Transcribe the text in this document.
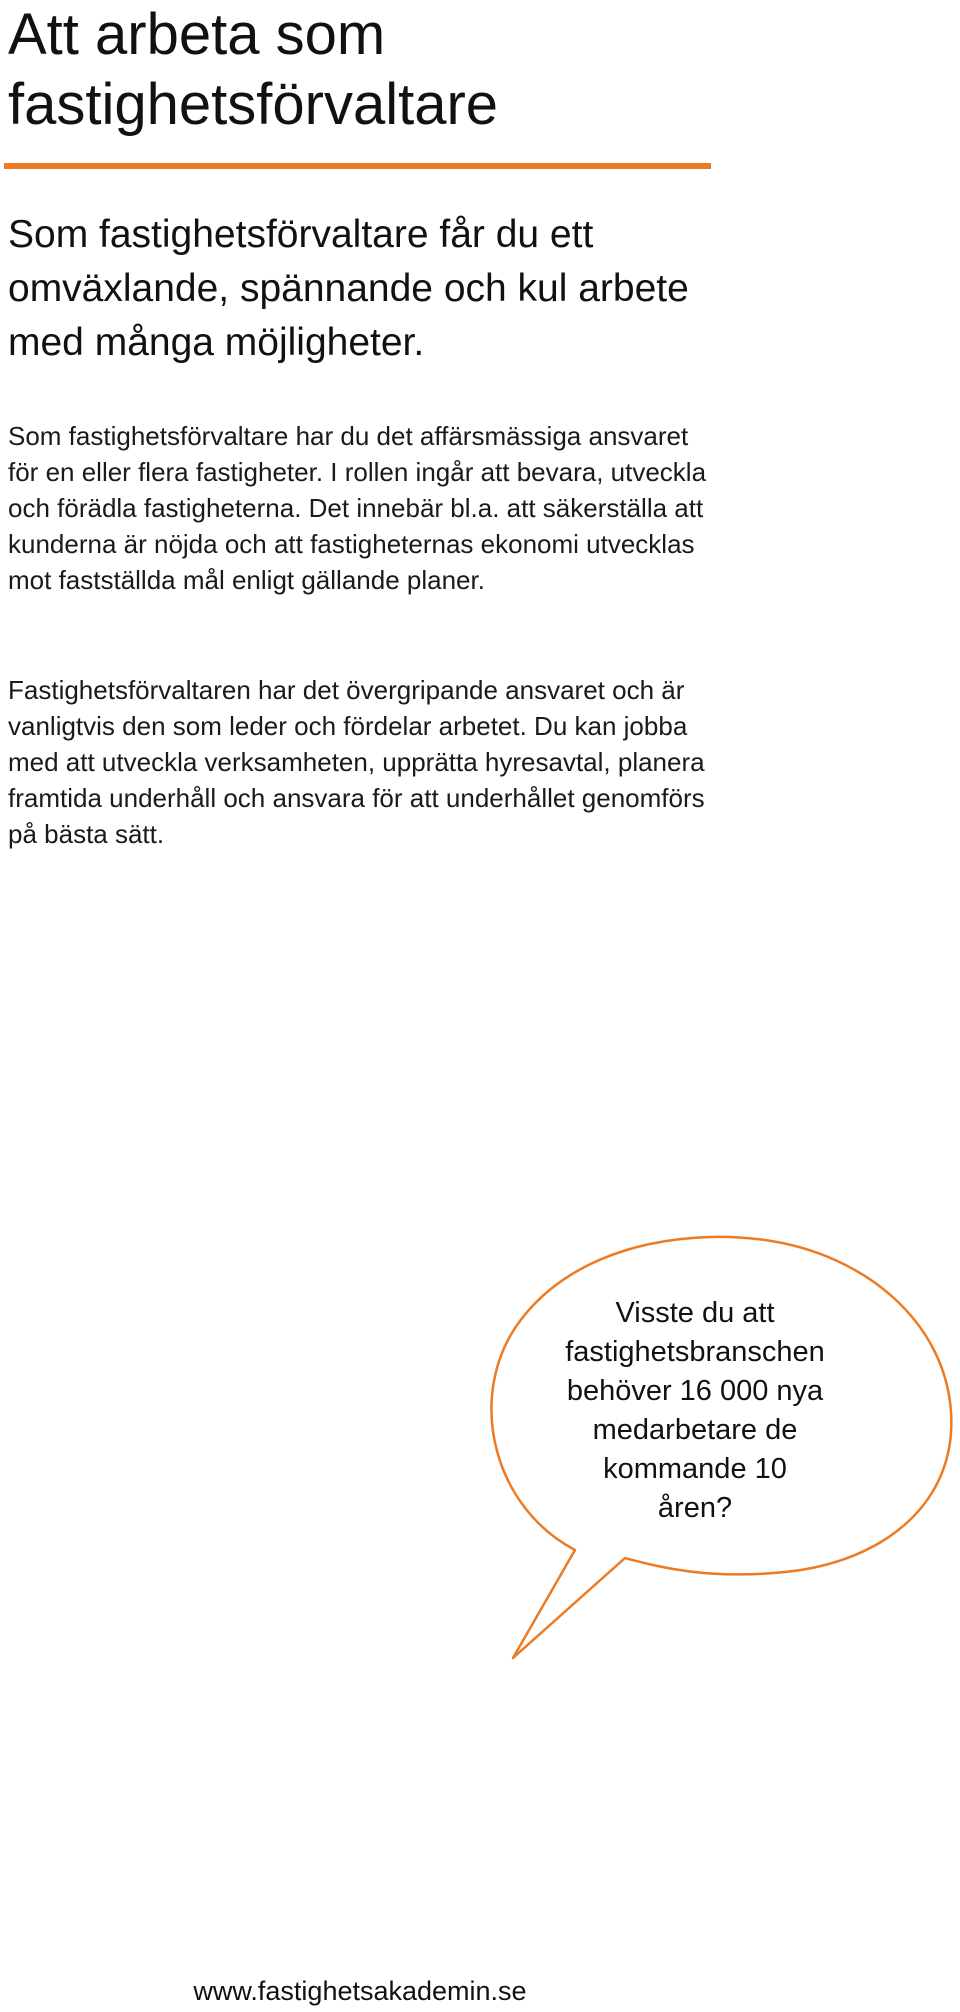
Att arbeta som fastighetsförvaltare

Som fastighetsförvaltare får du ett omväxlande, spännande och kul arbete med många möjligheter.

Som fastighetsförvaltare har du det affärsmässiga ansvaret för en eller flera fastigheter. I rollen ingår att bevara, utveckla och förädla fastigheterna. Det innebär bl.a. att säkerställa att kunderna är nöjda och att fastigheternas ekonomi utvecklas mot fastställda mål enligt gällande planer.

Fastighetsförvaltaren har det övergripande ansvaret och är vanligtvis den som leder och fördelar arbetet. Du kan jobba med att utveckla verksamheten, upprätta hyresavtal, planera framtida underhåll och ansvara för att underhållet genomförs på bästa sätt.

Visste du att fastighetsbranschen behöver 16 000 nya medarbetare de kommande 10 åren?

www.fastighetsakademin.se
